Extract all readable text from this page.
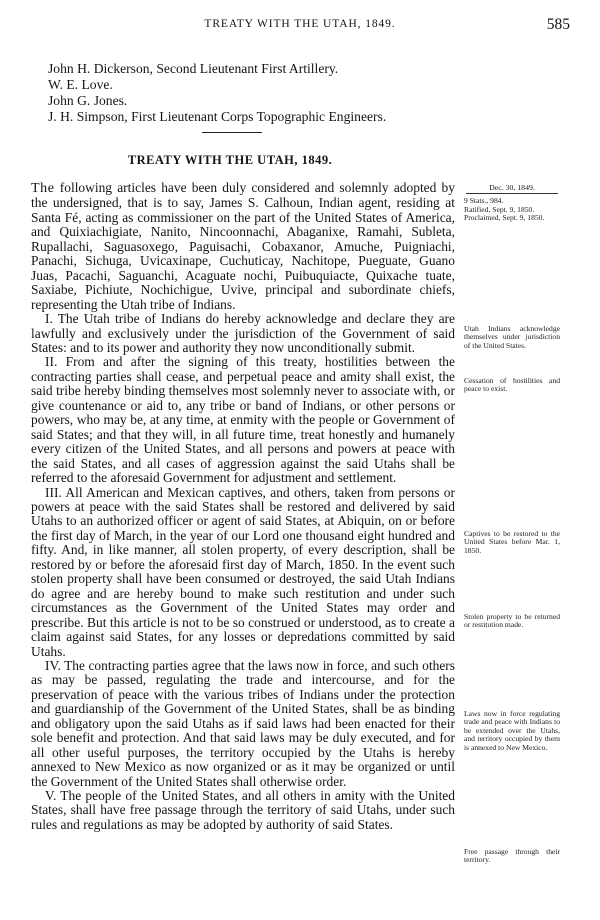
TREATY WITH THE UTAH, 1849.	585
John H. Dickerson, Second Lieutenant First Artillery.
W. E. Love.
John G. Jones.
J. H. Simpson, First Lieutenant Corps Topographic Engineers.
TREATY WITH THE UTAH, 1849.

The following articles have been duly considered and solemnly adopted by the undersigned, that is to say, James S. Calhoun, Indian agent, residing at Santa Fé, acting as commissioner on the part of the United States of America, and Quixiachigiate, Nanito, Nincoonnachi, Abaganixe, Ramahi, Subleta, Rupallachi, Saguasoxego, Paguisachi, Cobaxanor, Amuche, Puigniachi, Panachi, Sichuga, Uvicaxinape, Cuchuticay, Nachitope, Pueguate, Guano Juas, Pacachi, Saguanchi, Acaguate nochi, Puibuquiacte, Quixache tuate, Saxiabe, Pichiute, Nochichigue, Uvive, principal and subordinate chiefs, representing the Utah tribe of Indians.

I. The Utah tribe of Indians do hereby acknowledge and declare they are lawfully and exclusively under the jurisdiction of the Government of said States: and to its power and authority they now unconditionally submit.

II. From and after the signing of this treaty, hostilities between the contracting parties shall cease, and perpetual peace and amity shall exist, the said tribe hereby binding themselves most solemnly never to associate with, or give countenance or aid to, any tribe or band of Indians, or other persons or powers, who may be, at any time, at enmity with the people or Government of said States; and that they will, in all future time, treat honestly and humanely every citizen of the United States, and all persons and powers at peace with the said States, and all cases of aggression against the said Utahs shall be referred to the aforesaid Government for adjustment and settlement.

III. All American and Mexican captives, and others, taken from persons or powers at peace with the said States shall be restored and delivered by said Utahs to an authorized officer or agent of said States, at Abiquin, on or before the first day of March, in the year of our Lord one thousand eight hundred and fifty. And, in like manner, all stolen property, of every description, shall be restored by or before the aforesaid first day of March, 1850. In the event such stolen property shall have been consumed or destroyed, the said Utah Indians do agree and are hereby bound to make such restitution and under such circumstances as the Government of the United States may order and prescribe. But this article is not to be so construed or understood, as to create a claim against said States, for any losses or depredations committed by said Utahs.

IV. The contracting parties agree that the laws now in force, and such others as may be passed, regulating the trade and intercourse, and for the preservation of peace with the various tribes of Indians under the protection and guardianship of the Government of the United States, shall be as binding and obligatory upon the said Utahs as if said laws had been enacted for their sole benefit and protection. And that said laws may be duly executed, and for all other useful purposes, the territory occupied by the Utahs is hereby annexed to New Mexico as now organized or as it may be organized or until the Government of the United States shall otherwise order.

V. The people of the United States, and all others in amity with the United States, shall have free passage through the territory of said Utahs, under such rules and regulations as may be adopted by authority of said States.

Dec. 30, 1849.
9 Stats., 984.
Ratified, Sept. 9, 1850.
Proclaimed, Sept. 9, 1850.
Utah Indians acknowledge themselves under jurisdiction of the United States.
Cessation of hostilities and peace to exist.
Captives to be restored to the United States before Mar. 1, 1850.
Stolen property to be returned or restitution made.
Laws now in force regulating trade and peace with Indians to be extended over the Utahs, and territory occupied by them is annexed to New Mexico.
Free passage through their territory.
